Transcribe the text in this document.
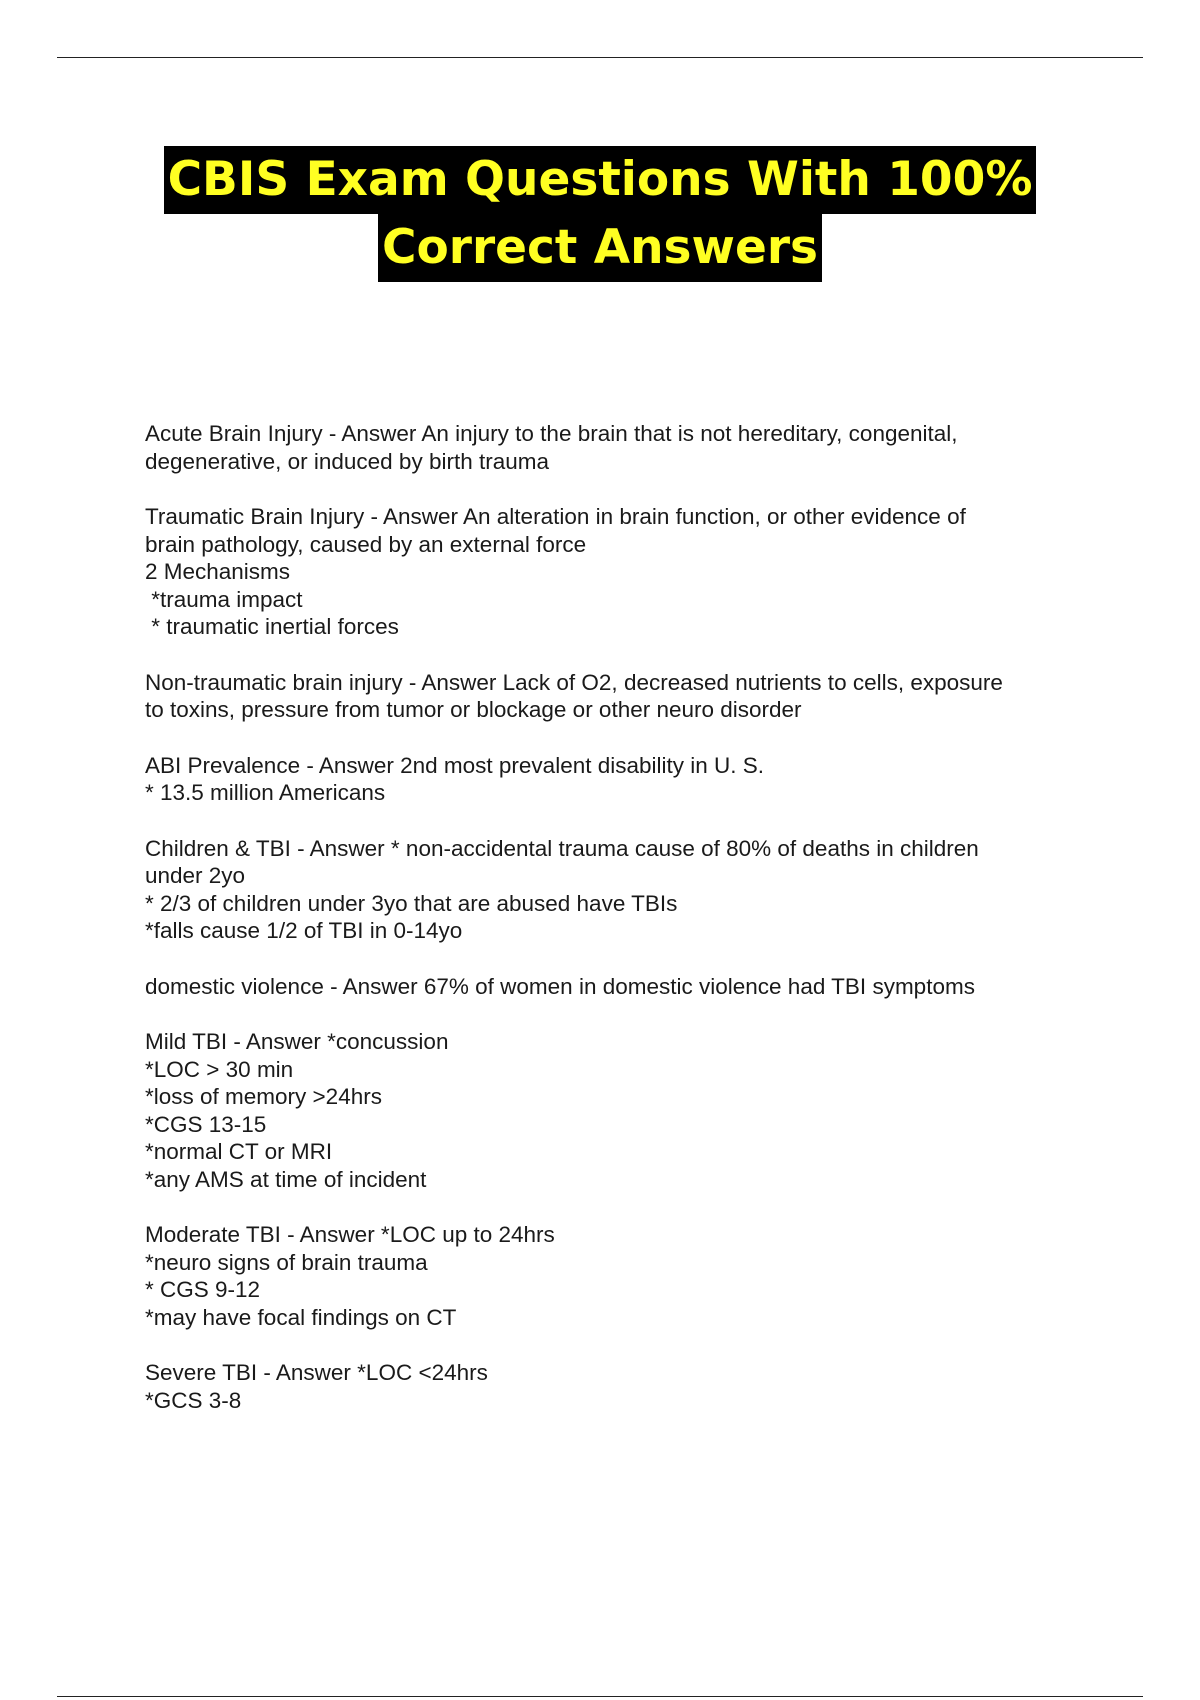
CBIS Exam Questions With 100%
Correct Answers
Acute Brain Injury - Answer An injury to the brain that is not hereditary, congenital,
degenerative, or induced by birth trauma
Traumatic Brain Injury - Answer An alteration in brain function, or other evidence of
brain pathology, caused by an external force
2 Mechanisms
*trauma impact
* traumatic inertial forces
Non-traumatic brain injury - Answer Lack of O2, decreased nutrients to cells, exposure
to toxins, pressure from tumor or blockage or other neuro disorder
ABI Prevalence - Answer 2nd most prevalent disability in U. S.
* 13.5 million Americans
Children & TBI - Answer * non-accidental trauma cause of 80% of deaths in children
under 2yo
* 2/3 of children under 3yo that are abused have TBIs
*falls cause 1/2 of TBI in 0-14yo
domestic violence - Answer 67% of women in domestic violence had TBI symptoms
Mild TBI - Answer *concussion
*LOC > 30 min
*loss of memory >24hrs
*CGS 13-15
*normal CT or MRI
*any AMS at time of incident
Moderate TBI - Answer *LOC up to 24hrs
*neuro signs of brain trauma
* CGS 9-12
*may have focal findings on CT
Severe TBI - Answer *LOC <24hrs
*GCS 3-8
